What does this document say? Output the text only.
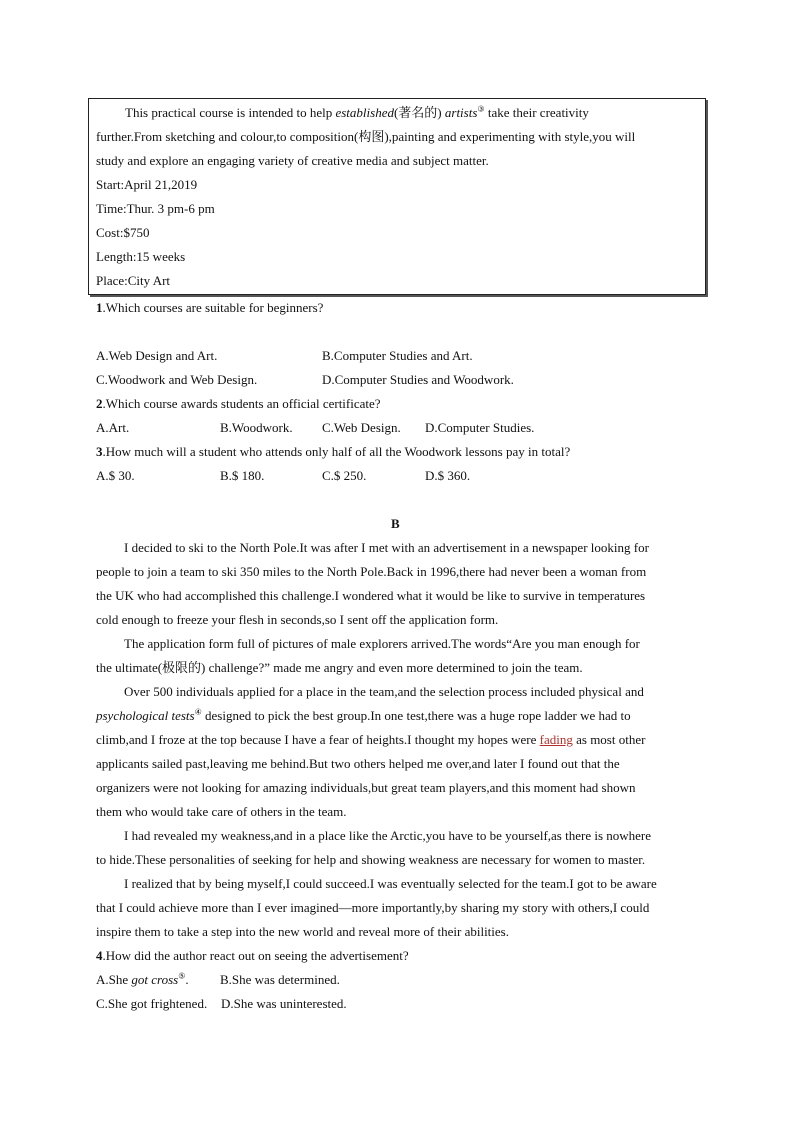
This practical course is intended to help established(著名的) artists③ take their creativity
further.From sketching and colour,to composition(构图),painting and experimenting with style,you will
study and explore an engaging variety of creative media and subject matter.
Start:April 21,2019
Time:Thur. 3 pm-6 pm
Cost:$750
Length:15 weeks
Place:City Art
1.Which courses are suitable for beginners?
A.Web Design and Art.	B.Computer Studies and Art.
C.Woodwork and Web Design.	D.Computer Studies and Woodwork.
2.Which course awards students an official certificate?
A.Art.	B.Woodwork. C.Web Design. D.Computer Studies.
3.How much will a student who attends only half of all the Woodwork lessons pay in total?
A.$ 30.	B.$ 180.	C.$ 250.	D.$ 360.
B
I decided to ski to the North Pole.It was after I met with an advertisement in a newspaper looking for
people to join a team to ski 350 miles to the North Pole.Back in 1996,there had never been a woman from
the UK who had accomplished this challenge.I wondered what it would be like to survive in temperatures
cold enough to freeze your flesh in seconds,so I sent off the application form.
The application form full of pictures of male explorers arrived.The words“Are you man enough for
the ultimate(极限的) challenge?” made me angry and even more determined to join the team.
Over 500 individuals applied for a place in the team,and the selection process included physical and
psychological tests④ designed to pick the best group.In one test,there was a huge rope ladder we had to
climb,and I froze at the top because I have a fear of heights.I thought my hopes were fading as most other
applicants sailed past,leaving me behind.But two others helped me over,and later I found out that the
organizers were not looking for amazing individuals,but great team players,and this moment had shown
them who would take care of others in the team.
I had revealed my weakness,and in a place like the Arctic,you have to be yourself,as there is nowhere
to hide.These personalities of seeking for help and showing weakness are necessary for women to master.
I realized that by being myself,I could succeed.I was eventually selected for the team.I got to be aware
that I could achieve more than I ever imagined—more importantly,by sharing my story with others,I could
inspire them to take a step into the new world and reveal more of their abilities.
4.How did the author react out on seeing the advertisement?
A.She got cross⑤. B.She was determined.
C.She got frightened. D.She was uninterested.
